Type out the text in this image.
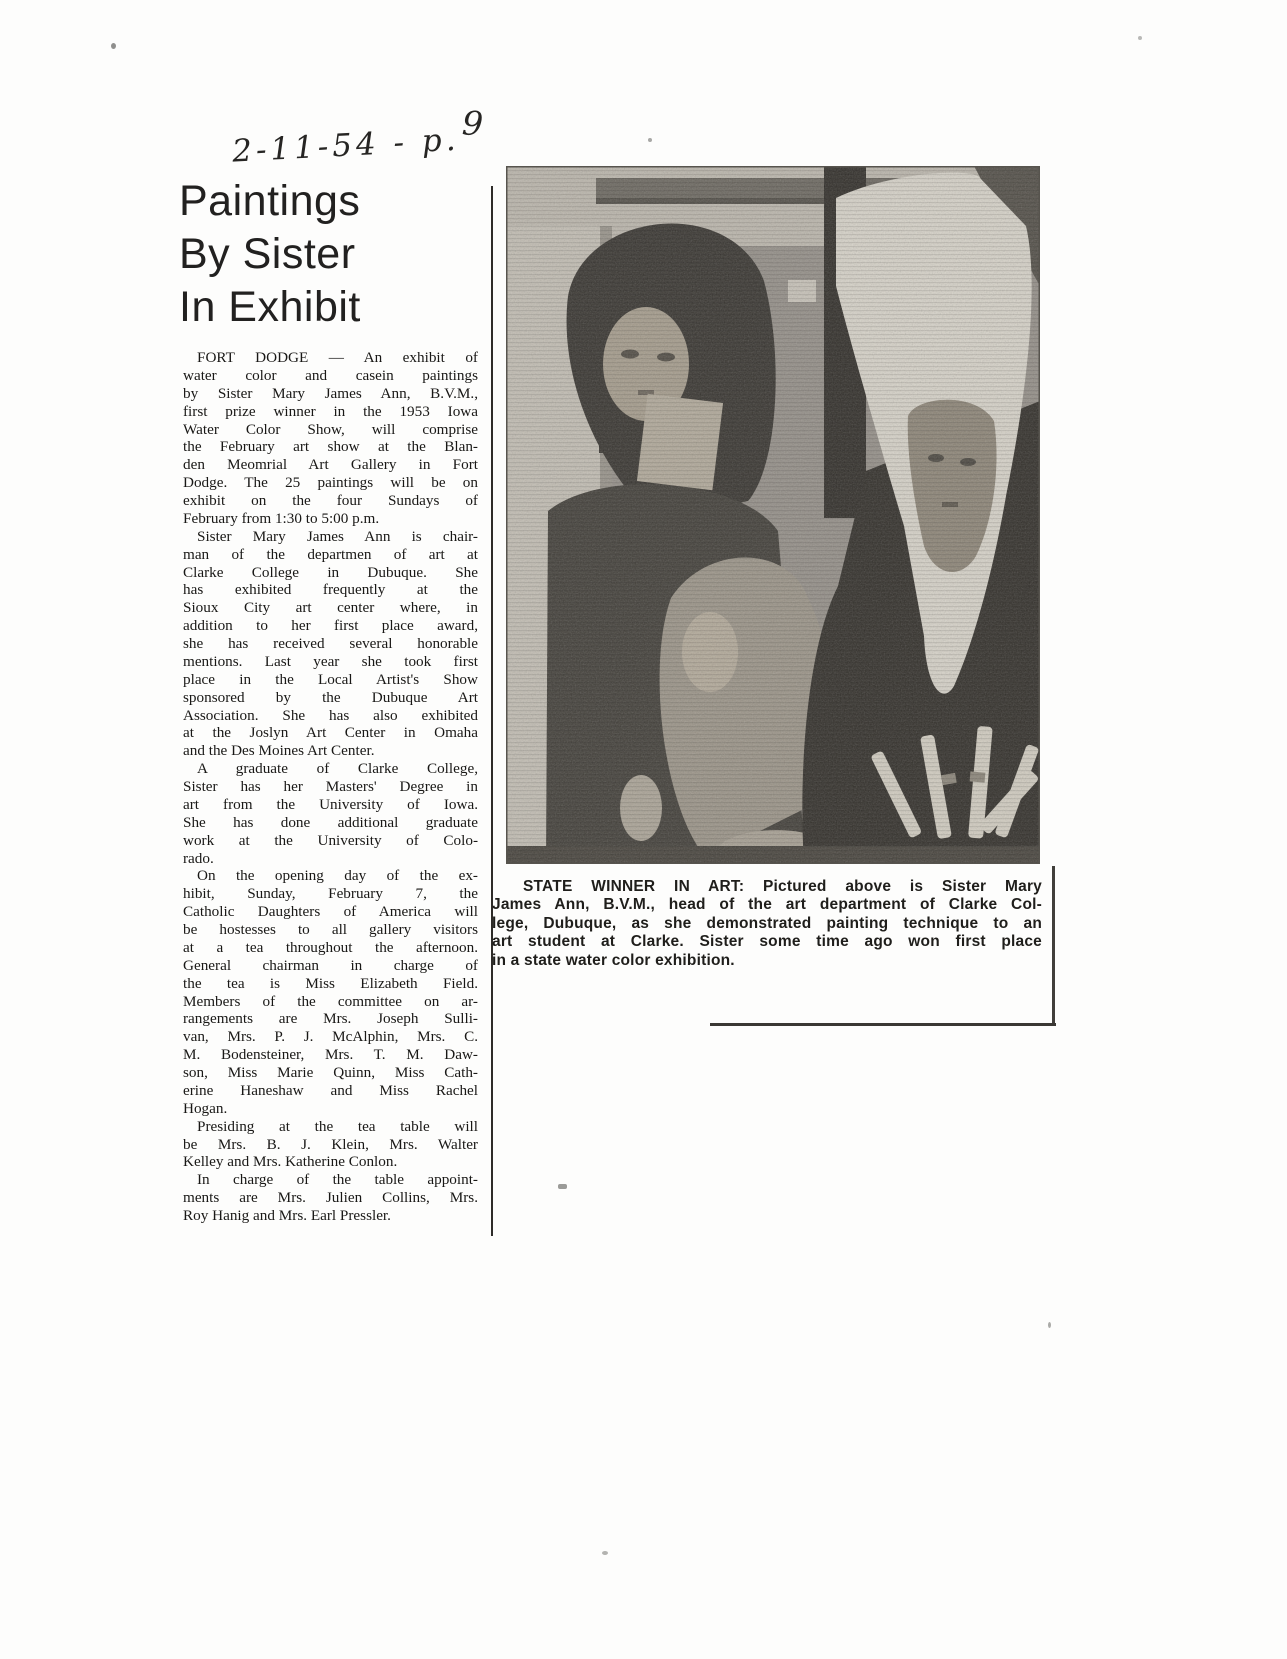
2-11-54 - p.9
Paintings
By Sister
In Exhibit
FORT DODGE — An exhibit of
water color and casein paintings
by Sister Mary James Ann, B.V.M.,
first prize winner in the 1953 Iowa
Water Color Show, will comprise
the February art show at the Blan-
den Meomrial Art Gallery in Fort
Dodge. The 25 paintings will be on
exhibit on the four Sundays of
February from 1:30 to 5:00 p.m.
Sister Mary James Ann is chair-
man of the departmen of art at
Clarke College in Dubuque. She
has exhibited frequently at the
Sioux City art center where, in
addition to her first place award,
she has received several honorable
mentions. Last year she took first
place in the Local Artist's Show
sponsored by the Dubuque Art
Association. She has also exhibited
at the Joslyn Art Center in Omaha
and the Des Moines Art Center.
A graduate of Clarke College,
Sister has her Masters' Degree in
art from the University of Iowa.
She has done additional graduate
work at the University of Colo-
rado.
On the opening day of the ex-
hibit, Sunday, February 7, the
Catholic Daughters of America will
be hostesses to all gallery visitors
at a tea throughout the afternoon.
General chairman in charge of
the tea is Miss Elizabeth Field.
Members of the committee on ar-
rangements are Mrs. Joseph Sulli-
van, Mrs. P. J. McAlphin, Mrs. C.
M. Bodensteiner, Mrs. T. M. Daw-
son, Miss Marie Quinn, Miss Cath-
erine Haneshaw and Miss Rachel
Hogan.
Presiding at the tea table will
be Mrs. B. J. Klein, Mrs. Walter
Kelley and Mrs. Katherine Conlon.
In charge of the table appoint-
ments are Mrs. Julien Collins, Mrs.
Roy Hanig and Mrs. Earl Pressler.
STATE WINNER IN ART: Pictured above is Sister Mary
James Ann, B.V.M., head of the art department of Clarke Col-
lege, Dubuque, as she demonstrated painting technique to an
art student at Clarke. Sister some time ago won first place
in a state water color exhibition.
